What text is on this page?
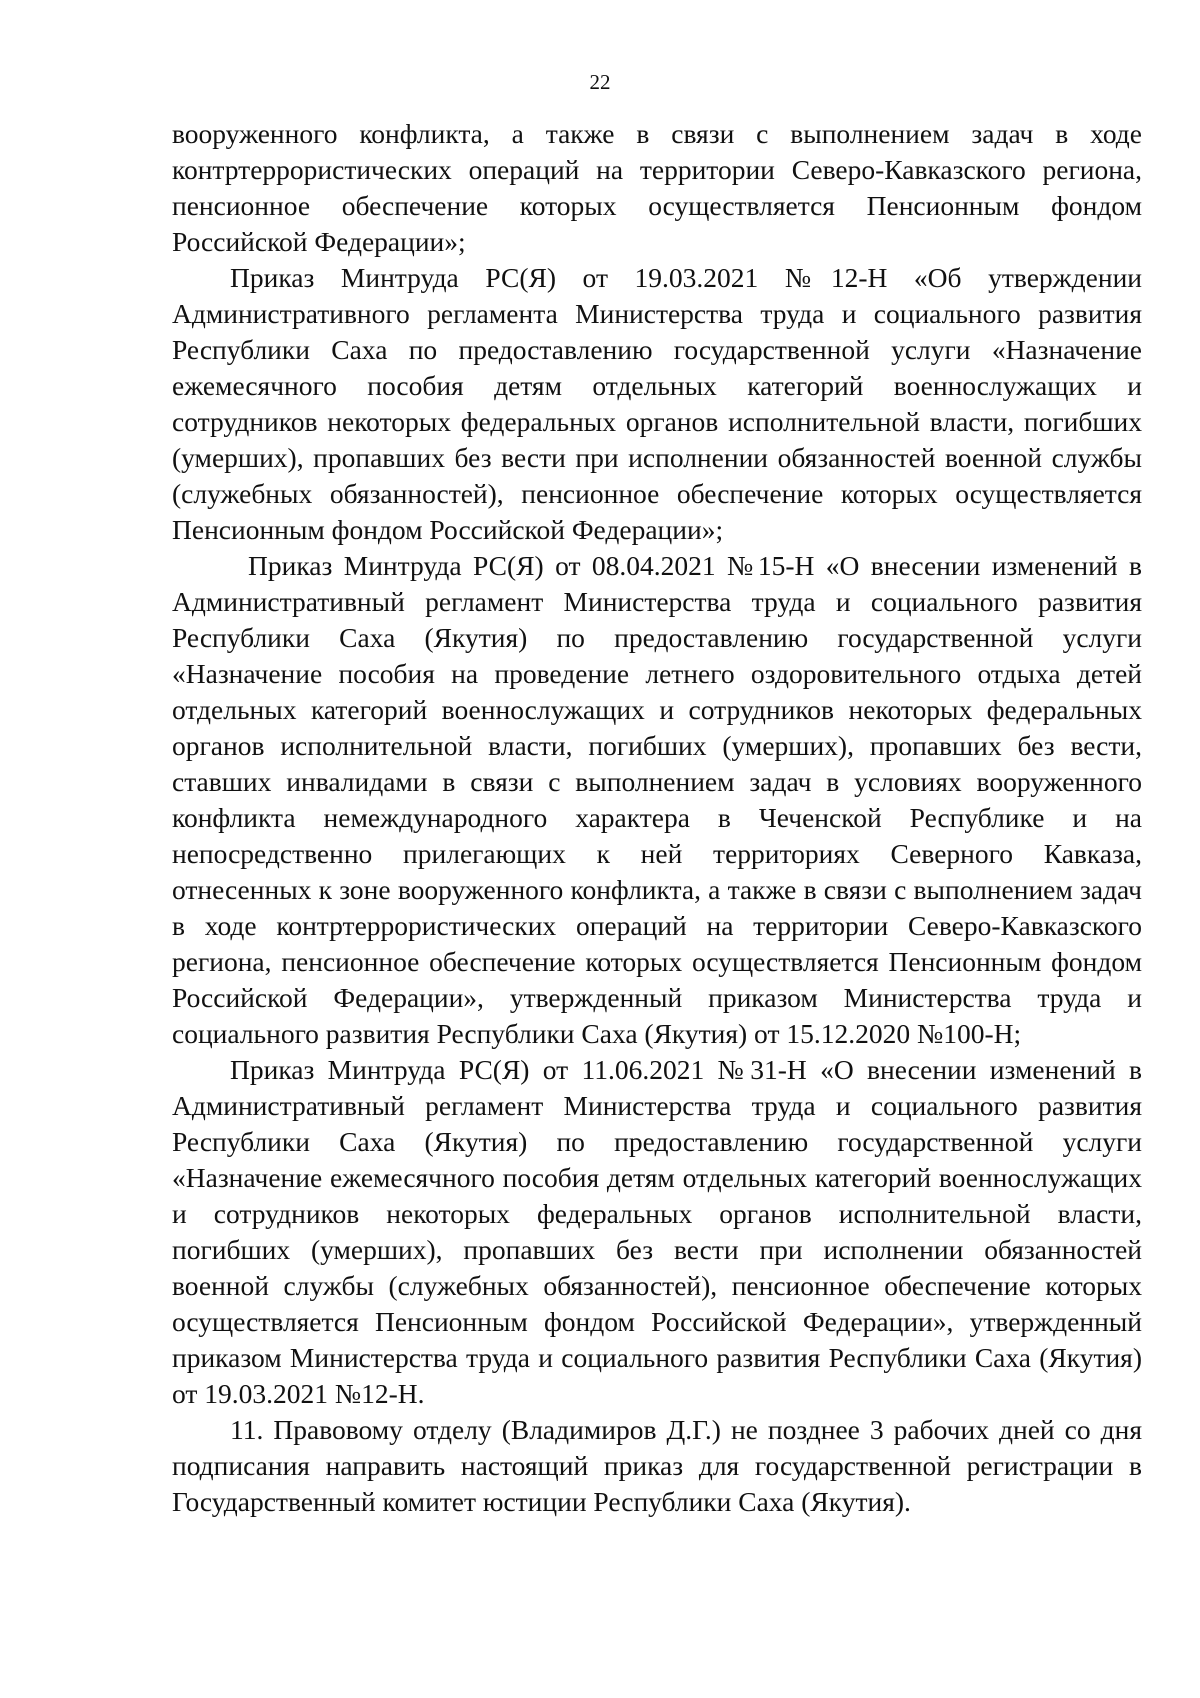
22

вооруженного конфликта, а также в связи с выполнением задач в ходе контртеррористических операций на территории Северо-Кавказского региона, пенсионное обеспечение которых осуществляется Пенсионным фондом Российской Федерации»;

Приказ Минтруда РС(Я) от 19.03.2021 №12-Н «Об утверждении Административного регламента Министерства труда и социального развития Республики Саха по предоставлению государственной услуги «Назначение ежемесячного пособия детям отдельных категорий военнослужащих и сотрудников некоторых федеральных органов исполнительной власти, погибших (умерших), пропавших без вести при исполнении обязанностей военной службы (служебных обязанностей), пенсионное обеспечение которых осуществляется Пенсионным фондом Российской Федерации»;

Приказ Минтруда РС(Я) от 08.04.2021 №15-Н «О внесении изменений в Административный регламент Министерства труда и социального развития Республики Саха (Якутия) по предоставлению государственной услуги «Назначение пособия на проведение летнего оздоровительного отдыха детей отдельных категорий военнослужащих и сотрудников некоторых федеральных органов исполнительной власти, погибших (умерших), пропавших без вести, ставших инвалидами в связи с выполнением задач в условиях вооруженного конфликта немеждународного характера в Чеченской Республике и на непосредственно прилегающих к ней территориях Северного Кавказа, отнесенных к зоне вооруженного конфликта, а также в связи с выполнением задач в ходе контртеррористических операций на территории Северо-Кавказского региона, пенсионное обеспечение которых осуществляется Пенсионным фондом Российской Федерации», утвержденный приказом Министерства труда и социального развития Республики Саха (Якутия) от 15.12.2020 №100-Н;

Приказ Минтруда РС(Я) от 11.06.2021 №31-Н «О внесении изменений в Административный регламент Министерства труда и социального развития Республики Саха (Якутия) по предоставлению государственной услуги «Назначение ежемесячного пособия детям отдельных категорий военнослужащих и сотрудников некоторых федеральных органов исполнительной власти, погибших (умерших), пропавших без вести при исполнении обязанностей военной службы (служебных обязанностей), пенсионное обеспечение которых осуществляется Пенсионным фондом Российской Федерации», утвержденный приказом Министерства труда и социального развития Республики Саха (Якутия) от 19.03.2021 №12-Н.

11. Правовому отделу (Владимиров Д.Г.) не позднее 3 рабочих дней со дня подписания направить настоящий приказ для государственной регистрации в Государственный комитет юстиции Республики Саха (Якутия).
